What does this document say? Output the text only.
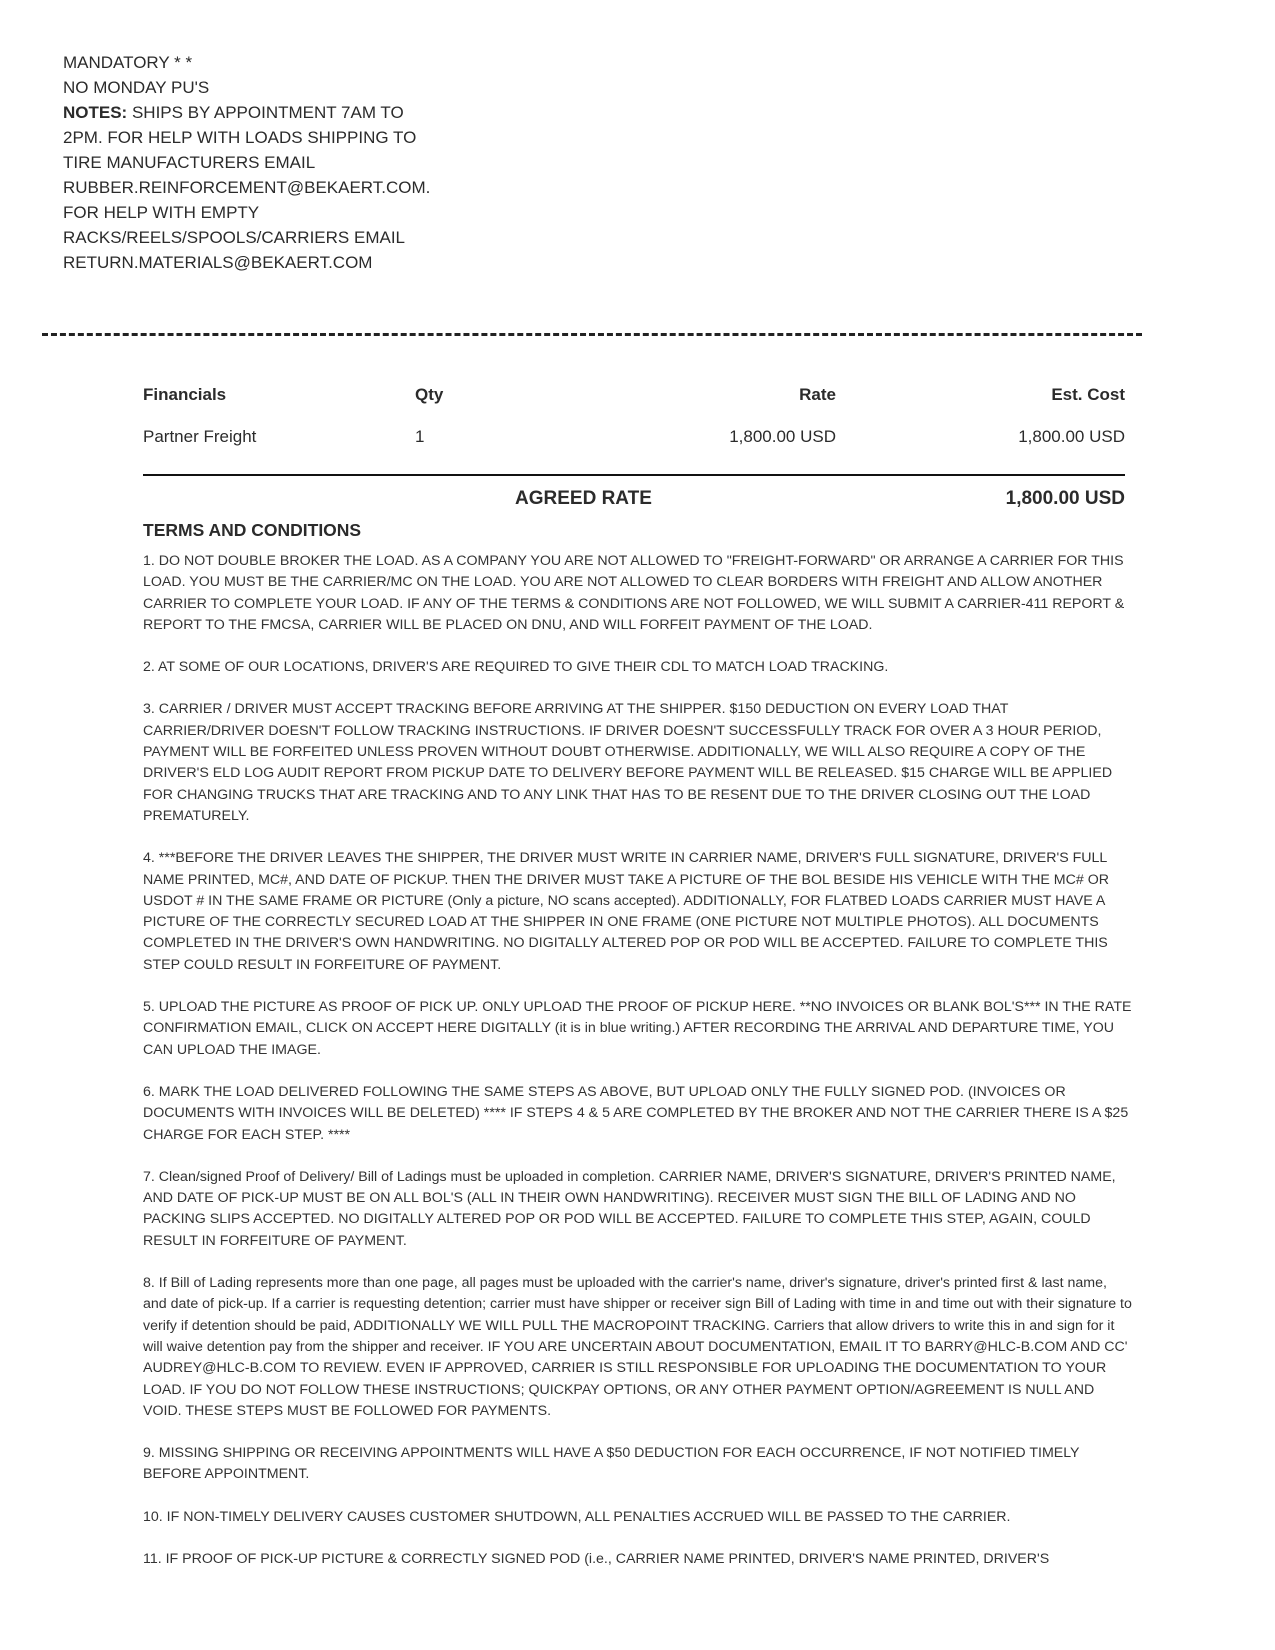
MANDATORY * *
NO MONDAY PU'S
NOTES: SHIPS BY APPOINTMENT 7AM TO
2PM. FOR HELP WITH LOADS SHIPPING TO
TIRE MANUFACTURERS EMAIL
RUBBER.REINFORCEMENT@BEKAERT.COM.
FOR HELP WITH EMPTY
RACKS/REELS/SPOOLS/CARRIERS EMAIL
RETURN.MATERIALS@BEKAERT.COM
Financials	Qty	Rate	Est. Cost
Partner Freight	1	1,800.00 USD	1,800.00 USD
AGREED RATE	1,800.00 USD
TERMS AND CONDITIONS

1. DO NOT DOUBLE BROKER THE LOAD. AS A COMPANY YOU ARE NOT ALLOWED TO "FREIGHT-FORWARD" OR ARRANGE A CARRIER FOR THIS LOAD. YOU MUST BE THE CARRIER/MC ON THE LOAD. YOU ARE NOT ALLOWED TO CLEAR BORDERS WITH FREIGHT AND ALLOW ANOTHER CARRIER TO COMPLETE YOUR LOAD. IF ANY OF THE TERMS & CONDITIONS ARE NOT FOLLOWED, WE WILL SUBMIT A CARRIER-411 REPORT & REPORT TO THE FMCSA, CARRIER WILL BE PLACED ON DNU, AND WILL FORFEIT PAYMENT OF THE LOAD.

2. AT SOME OF OUR LOCATIONS, DRIVER'S ARE REQUIRED TO GIVE THEIR CDL TO MATCH LOAD TRACKING.

3. CARRIER / DRIVER MUST ACCEPT TRACKING BEFORE ARRIVING AT THE SHIPPER. $150 DEDUCTION ON EVERY LOAD THAT CARRIER/DRIVER DOESN'T FOLLOW TRACKING INSTRUCTIONS. IF DRIVER DOESN'T SUCCESSFULLY TRACK FOR OVER A 3 HOUR PERIOD, PAYMENT WILL BE FORFEITED UNLESS PROVEN WITHOUT DOUBT OTHERWISE. ADDITIONALLY, WE WILL ALSO REQUIRE A COPY OF THE DRIVER'S ELD LOG AUDIT REPORT FROM PICKUP DATE TO DELIVERY BEFORE PAYMENT WILL BE RELEASED. $15 CHARGE WILL BE APPLIED FOR CHANGING TRUCKS THAT ARE TRACKING AND TO ANY LINK THAT HAS TO BE RESENT DUE TO THE DRIVER CLOSING OUT THE LOAD PREMATURELY.

4. ***BEFORE THE DRIVER LEAVES THE SHIPPER, THE DRIVER MUST WRITE IN CARRIER NAME, DRIVER'S FULL SIGNATURE, DRIVER'S FULL NAME PRINTED, MC#, AND DATE OF PICKUP. THEN THE DRIVER MUST TAKE A PICTURE OF THE BOL BESIDE HIS VEHICLE WITH THE MC# OR USDOT # IN THE SAME FRAME OR PICTURE (Only a picture, NO scans accepted). ADDITIONALLY, FOR FLATBED LOADS CARRIER MUST HAVE A PICTURE OF THE CORRECTLY SECURED LOAD AT THE SHIPPER IN ONE FRAME (ONE PICTURE NOT MULTIPLE PHOTOS). ALL DOCUMENTS COMPLETED IN THE DRIVER'S OWN HANDWRITING. NO DIGITALLY ALTERED POP OR POD WILL BE ACCEPTED. FAILURE TO COMPLETE THIS STEP COULD RESULT IN FORFEITURE OF PAYMENT.

5. UPLOAD THE PICTURE AS PROOF OF PICK UP. ONLY UPLOAD THE PROOF OF PICKUP HERE. **NO INVOICES OR BLANK BOL'S*** IN THE RATE CONFIRMATION EMAIL, CLICK ON ACCEPT HERE DIGITALLY (it is in blue writing.) AFTER RECORDING THE ARRIVAL AND DEPARTURE TIME, YOU CAN UPLOAD THE IMAGE.

6. MARK THE LOAD DELIVERED FOLLOWING THE SAME STEPS AS ABOVE, BUT UPLOAD ONLY THE FULLY SIGNED POD. (INVOICES OR DOCUMENTS WITH INVOICES WILL BE DELETED) **** IF STEPS 4 & 5 ARE COMPLETED BY THE BROKER AND NOT THE CARRIER THERE IS A $25 CHARGE FOR EACH STEP. ****

7. Clean/signed Proof of Delivery/ Bill of Ladings must be uploaded in completion. CARRIER NAME, DRIVER'S SIGNATURE, DRIVER'S PRINTED NAME, AND DATE OF PICK-UP MUST BE ON ALL BOL'S (ALL IN THEIR OWN HANDWRITING). RECEIVER MUST SIGN THE BILL OF LADING AND NO PACKING SLIPS ACCEPTED. NO DIGITALLY ALTERED POP OR POD WILL BE ACCEPTED. FAILURE TO COMPLETE THIS STEP, AGAIN, COULD RESULT IN FORFEITURE OF PAYMENT.

8. If Bill of Lading represents more than one page, all pages must be uploaded with the carrier's name, driver's signature, driver's printed first & last name, and date of pick-up. If a carrier is requesting detention; carrier must have shipper or receiver sign Bill of Lading with time in and time out with their signature to verify if detention should be paid, ADDITIONALLY WE WILL PULL THE MACROPOINT TRACKING. Carriers that allow drivers to write this in and sign for it will waive detention pay from the shipper and receiver. IF YOU ARE UNCERTAIN ABOUT DOCUMENTATION, EMAIL IT TO BARRY@HLC-B.COM AND CC' AUDREY@HLC-B.COM TO REVIEW. EVEN IF APPROVED, CARRIER IS STILL RESPONSIBLE FOR UPLOADING THE DOCUMENTATION TO YOUR LOAD. IF YOU DO NOT FOLLOW THESE INSTRUCTIONS; QUICKPAY OPTIONS, OR ANY OTHER PAYMENT OPTION/AGREEMENT IS NULL AND VOID. THESE STEPS MUST BE FOLLOWED FOR PAYMENTS.

9. MISSING SHIPPING OR RECEIVING APPOINTMENTS WILL HAVE A $50 DEDUCTION FOR EACH OCCURRENCE, IF NOT NOTIFIED TIMELY BEFORE APPOINTMENT.

10. IF NON-TIMELY DELIVERY CAUSES CUSTOMER SHUTDOWN, ALL PENALTIES ACCRUED WILL BE PASSED TO THE CARRIER.

11. IF PROOF OF PICK-UP PICTURE & CORRECTLY SIGNED POD (i.e., CARRIER NAME PRINTED, DRIVER'S NAME PRINTED, DRIVER'S
